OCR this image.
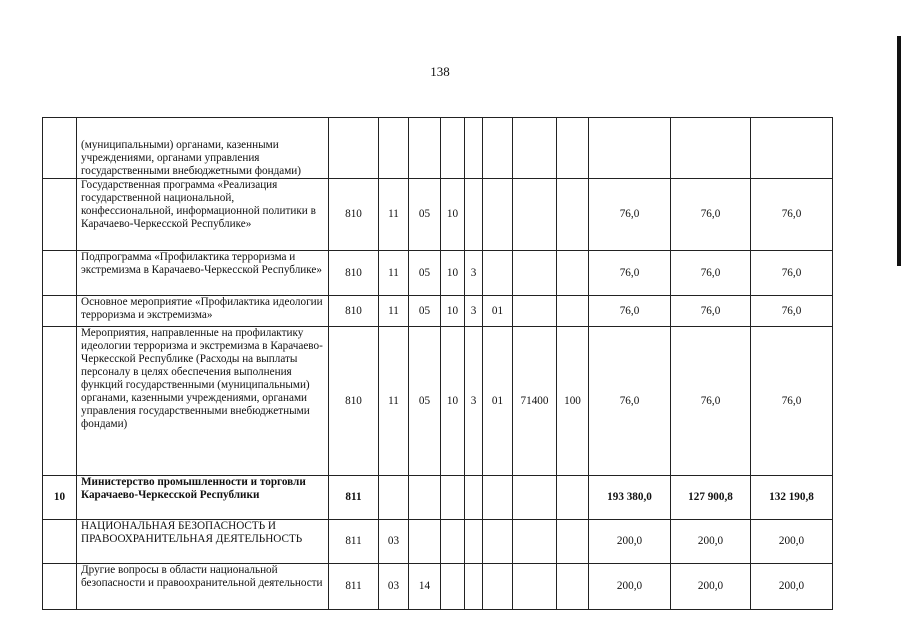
138
	(муниципальными) органами, казенными учреждениями, органами управления государственными внебюджетными фондами)											
	Государственная программа «Реализация государственной национальной, конфессиональной, информационной политики в Карачаево-Черкесской Республике»	810	11	05	10					76,0	76,0	76,0
	Подпрограмма «Профилактика терроризма и экстремизма в Карачаево-Черкесской Республике»	810	11	05	10	3				76,0	76,0	76,0
	Основное мероприятие «Профилактика идеологии терроризма и экстремизма»	810	11	05	10	3	01			76,0	76,0	76,0
	Мероприятия, направленные на профилактику идеологии терроризма и экстремизма в Карачаево-Черкесской Республике (Расходы на выплаты персоналу в целях обеспечения выполнения функций государственными (муниципальными) органами, казенными учреждениями, органами управления государственными внебюджетными фондами)	810	11	05	10	3	01	71400	100	76,0	76,0	76,0
10	Министерство промышленности и торговли Карачаево-Черкесской Республики	811								193 380,0	127 900,8	132 190,8
	НАЦИОНАЛЬНАЯ БЕЗОПАСНОСТЬ И ПРАВООХРАНИТЕЛЬНАЯ ДЕЯТЕЛЬНОСТЬ	811	03							200,0	200,0	200,0
	Другие вопросы в области национальной безопасности и правоохранительной деятельности	811	03	14						200,0	200,0	200,0
